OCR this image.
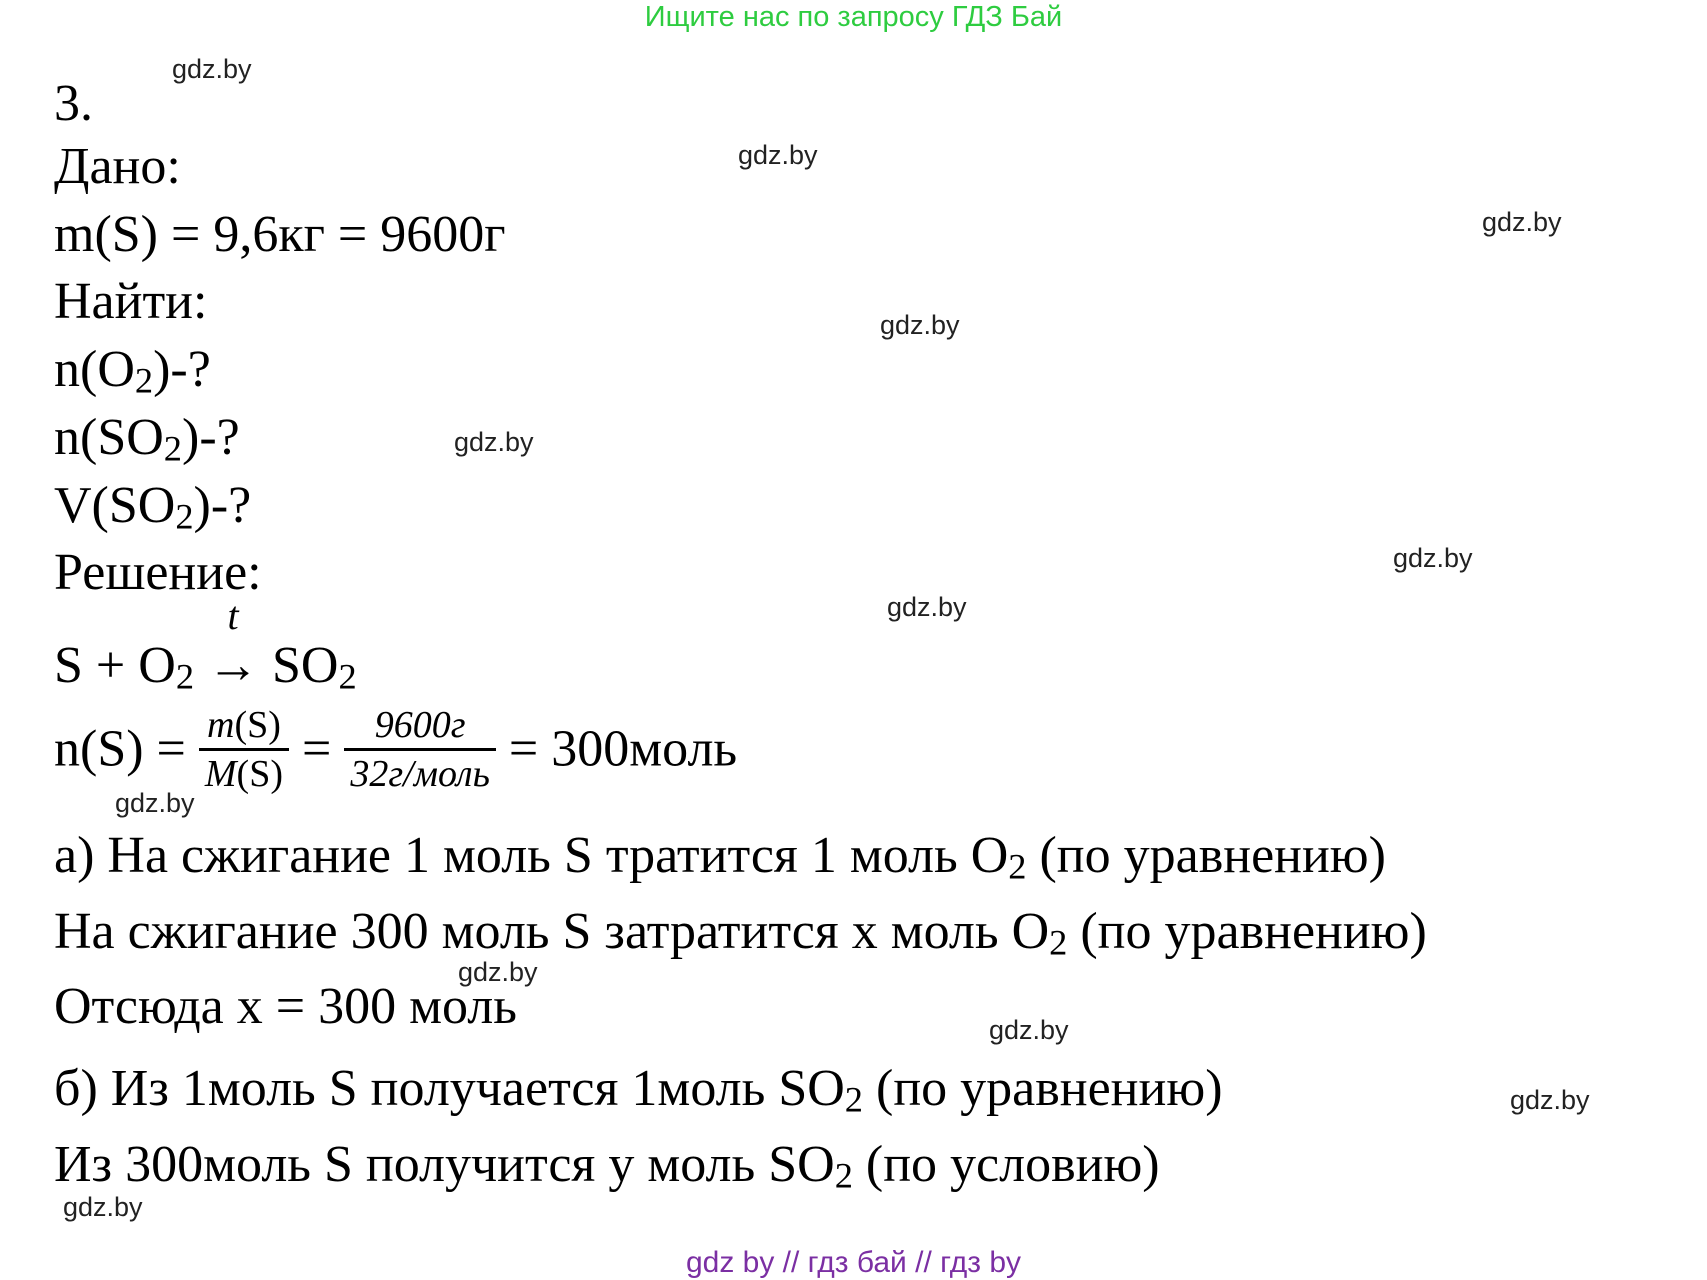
Ищите нас по запросу ГДЗ Бай
gdz.by
gdz.by
gdz.by
gdz.by
gdz.by
gdz.by
gdz.by
gdz.by
gdz.by
gdz.by
gdz.by
gdz.by
3.
Дано:
m(S) = 9,6кг = 9600г
Найти:
$n(O_2)-$?
$n(SO_2)-$?
$V(SO_2)-$?
Решение:
$S + O_2$
t
→ $SO_2$
$n(S) = \frac{m(S)}{M(S)} = \frac{9600г}{\text{32г/моль}}$ = 300моль
а) На сжигание 1 моль S тратится 1 моль $O_2$ (по уравнению)
На сжигание 300 моль S затратится x моль $O_2$ (по уравнению)
Отсюда x = 300 моль
б) Из 1моль S получается 1моль $SO_2$ (по уравнению)
Из 300моль S получится y моль $SO_2$ (по условию)
gdz by // гдз бай // гдз by
